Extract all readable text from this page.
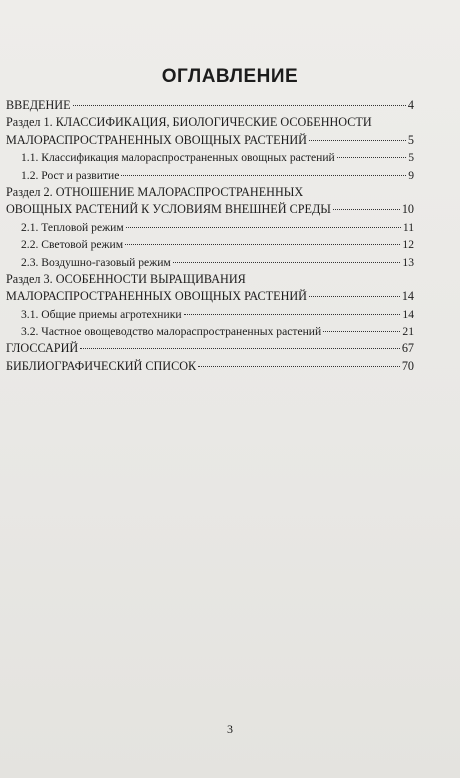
ОГЛАВЛЕНИЕ
ВВЕДЕНИЕ	4
Раздел 1. КЛАССИФИКАЦИЯ, БИОЛОГИЧЕСКИЕ ОСОБЕННОСТИ
МАЛОРАСПРОСТРАНЕННЫХ ОВОЩНЫХ РАСТЕНИЙ	5
1.1. Классификация малораспространенных овощных растений	5
1.2. Рост и развитие	9
Раздел 2. ОТНОШЕНИЕ МАЛОРАСПРОСТРАНЕННЫХ
ОВОЩНЫХ РАСТЕНИЙ К УСЛОВИЯМ ВНЕШНЕЙ СРЕДЫ	10
2.1. Тепловой режим	11
2.2. Световой режим	12
2.3. Воздушно-газовый режим	13
Раздел 3. ОСОБЕННОСТИ ВЫРАЩИВАНИЯ
МАЛОРАСПРОСТРАНЕННЫХ ОВОЩНЫХ РАСТЕНИЙ	14
3.1. Общие приемы агротехники	14
3.2. Частное овощеводство малораспространенных растений	21
ГЛОССАРИЙ	67
БИБЛИОГРАФИЧЕСКИЙ СПИСОК	70
3
